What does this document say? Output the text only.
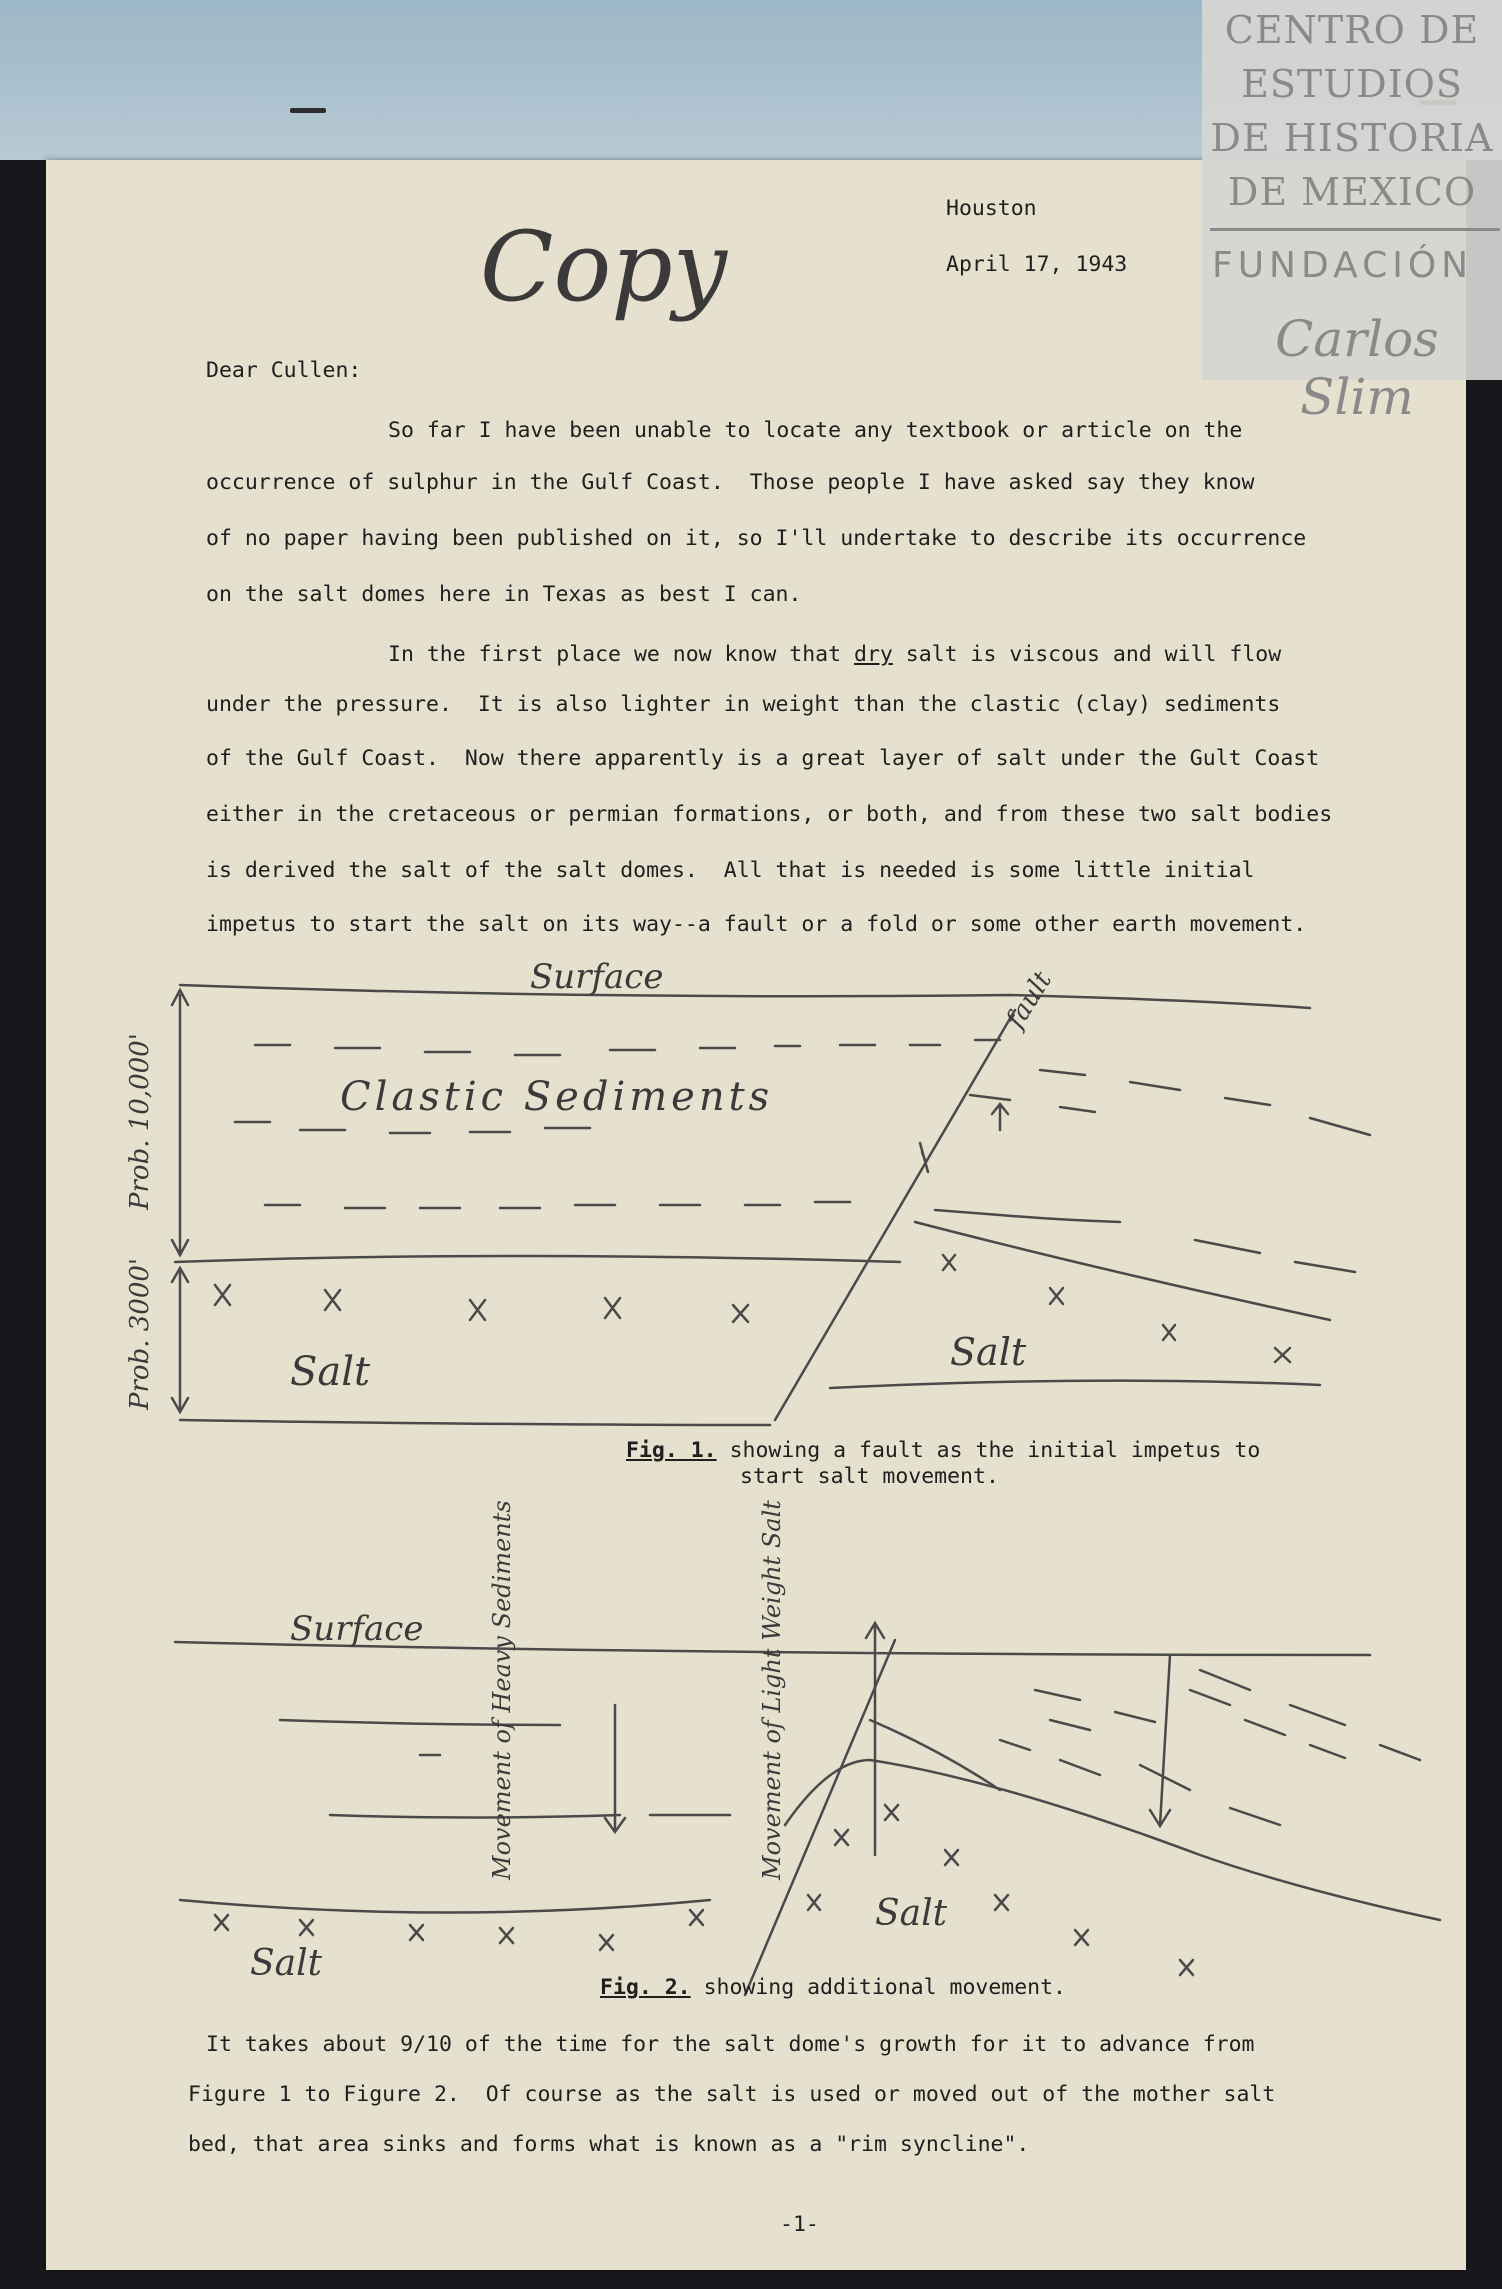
CENTRO DE
ESTUDIOS
DE HISTORIA
DE MEXICO
FUNDACIÓN
Carlos Slim
Copy
Houston
April 17, 1943
Dear Cullen:
So far I have been unable to locate any textbook or article on the
occurrence of sulphur in the Gulf Coast.  Those people I have asked say they know
of no paper having been published on it, so I'll undertake to describe its occurrence
on the salt domes here in Texas as best I can.
In the first place we now know that dry salt is viscous and will flow
under the pressure.  It is also lighter in weight than the clastic (clay) sediments
of the Gulf Coast.  Now there apparently is a great layer of salt under the Gult Coast
either in the cretaceous or permian formations, or both, and from these two salt bodies
is derived the salt of the salt domes.  All that is needed is some little initial
impetus to start the salt on its way--a fault or a fold or some other earth movement.
Surface	fault
Clastic Sediments
Salt	Salt
Prob. 10,000'
Prob. 3000'
Fig. 1. showing a fault as the initial impetus to
start salt movement.
Surface	Movement of Heavy Sediments	Movement of Light Weight Salt
Salt
Salt
Fig. 2. showing additional movement.
It takes about 9/10 of the time for the salt dome's growth for it to advance from
Figure 1 to Figure 2.  Of course as the salt is used or moved out of the mother salt
bed, that area sinks and forms what is known as a "rim syncline".
-1-
